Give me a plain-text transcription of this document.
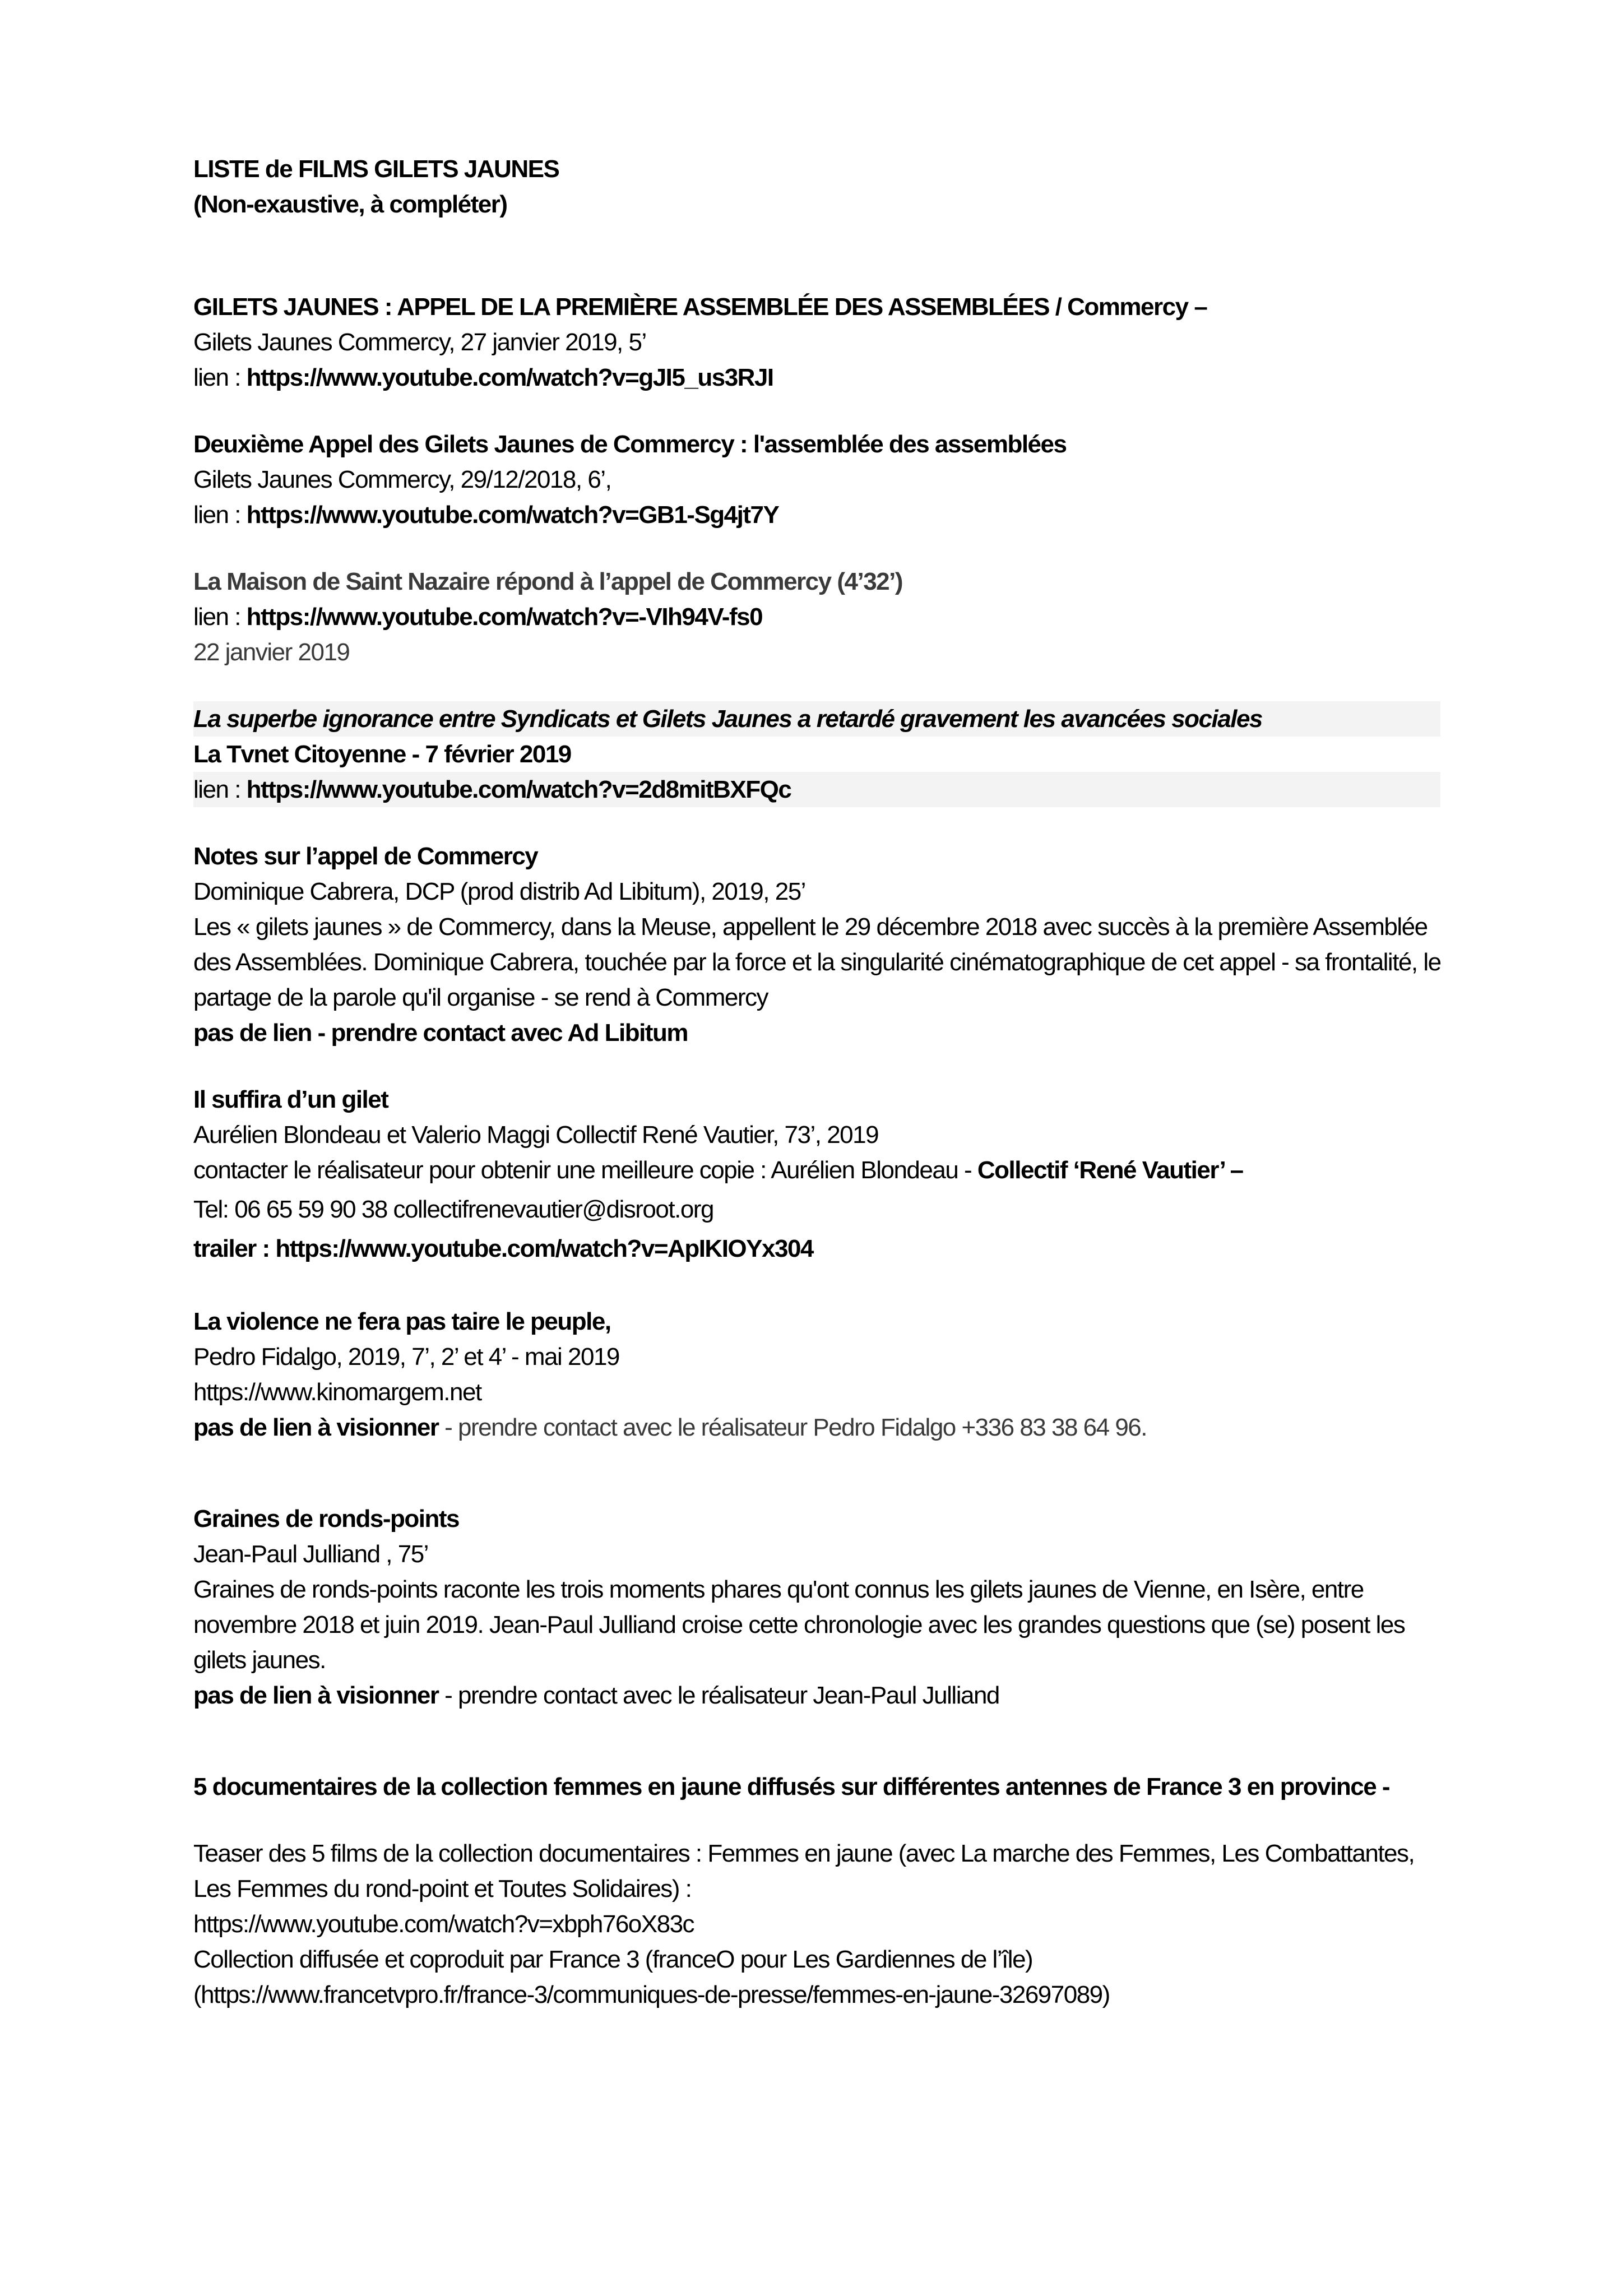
LISTE de FILMS GILETS JAUNES
(Non-exaustive, à compléter)
GILETS JAUNES : APPEL DE LA PREMIÈRE ASSEMBLÉE DES ASSEMBLÉES / Commercy –
Gilets Jaunes Commercy, 27 janvier 2019, 5’
lien : https://www.youtube.com/watch?v=gJI5_us3RJI
Deuxième Appel des Gilets Jaunes de Commercy : l'assemblée des assemblées
Gilets Jaunes Commercy, 29/12/2018, 6’,
lien : https://www.youtube.com/watch?v=GB1-Sg4jt7Y
La Maison de Saint Nazaire répond à l’appel de Commercy (4’32’)
lien : https://www.youtube.com/watch?v=-VIh94V-fs0
22 janvier 2019
La superbe ignorance entre Syndicats et Gilets Jaunes a retardé gravement les avancées sociales
La Tvnet Citoyenne - 7 février 2019
lien : https://www.youtube.com/watch?v=2d8mitBXFQc
Notes sur l’appel de Commercy
Dominique Cabrera, DCP (prod distrib Ad Libitum), 2019, 25’
Les « gilets jaunes » de Commercy, dans la Meuse, appellent le 29 décembre 2018 avec succès à la première Assemblée des Assemblées. Dominique Cabrera, touchée par la force et la singularité cinématographique de cet appel - sa frontalité, le partage de la parole qu'il organise - se rend à Commercy
pas de lien - prendre contact avec Ad Libitum
Il suffira d’un gilet
Aurélien Blondeau et Valerio Maggi Collectif René Vautier, 73’, 2019
contacter le réalisateur pour obtenir une meilleure copie : Aurélien Blondeau - Collectif ‘René Vautier’ –
Tel: 06 65 59 90 38 collectifrenevautier@disroot.org
trailer : https://www.youtube.com/watch?v=ApIKIOYx304
La violence ne fera pas taire le peuple,
Pedro Fidalgo, 2019, 7’, 2’ et 4’ - mai 2019
https://www.kinomargem.net
pas de lien à visionner - prendre contact avec le réalisateur Pedro Fidalgo +336 83 38 64 96.
Graines de ronds-points
Jean-Paul Julliand , 75’
Graines de ronds-points raconte les trois moments phares qu'ont connus les gilets jaunes de Vienne, en Isère, entre novembre 2018 et juin 2019. Jean-Paul Julliand croise cette chronologie avec les grandes questions que (se) posent les gilets jaunes.
pas de lien à visionner - prendre contact avec le réalisateur Jean-Paul Julliand
5 documentaires de la collection femmes en jaune diffusés sur différentes antennes de France 3 en province -
Teaser des 5 films de la collection documentaires : Femmes en jaune (avec La marche des Femmes, Les Combattantes, Les Femmes du rond-point et Toutes Solidaires) :
https://www.youtube.com/watch?v=xbph76oX83c
Collection diffusée et coproduit par France 3 (franceO pour Les Gardiennes de l’île)
(https://www.francetvpro.fr/france-3/communiques-de-presse/femmes-en-jaune-32697089)
